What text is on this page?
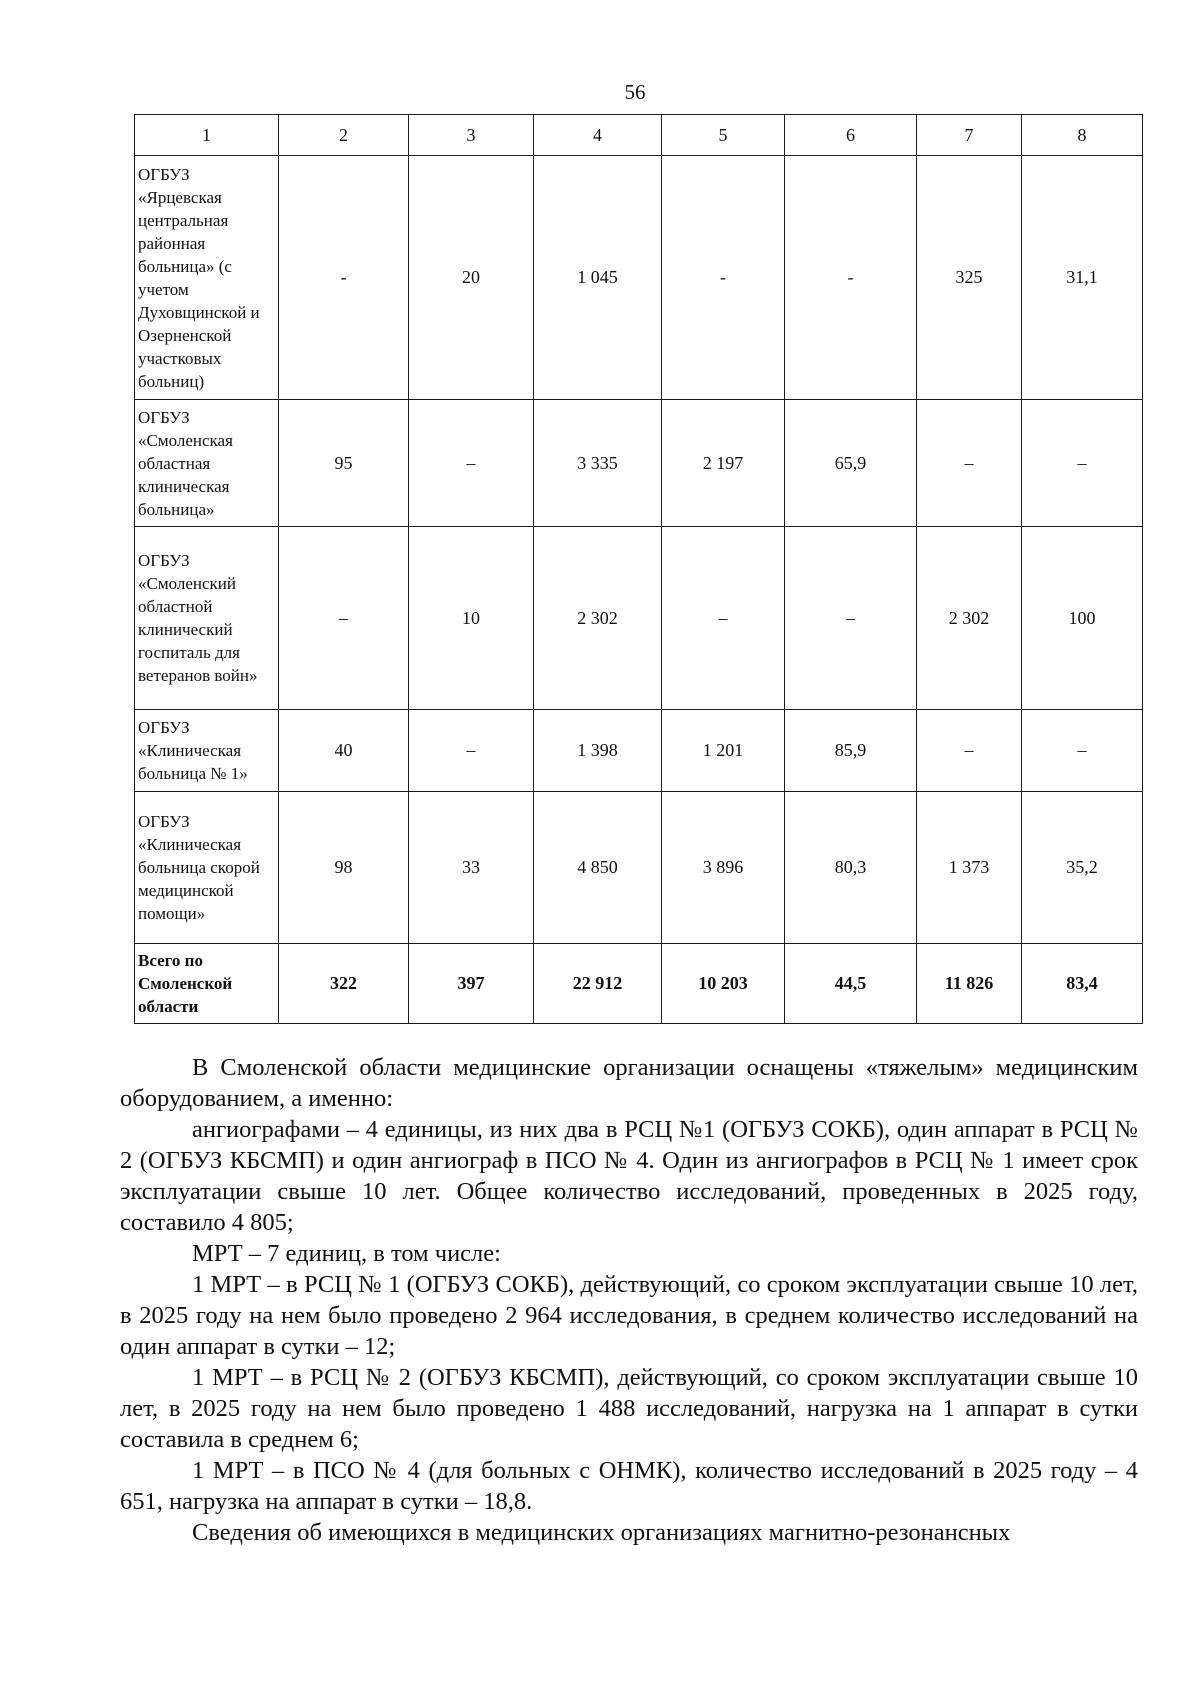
56
1	2	3	4	5	6	7	8
ОГБУЗ «Ярцевская центральная районная больница» (с учетом Духовщинской и Озерненской участковых больниц)	-	20	1 045	-	-	325	31,1
ОГБУЗ «Смоленская областная клиническая больница»	95	–	3 335	2 197	65,9	–	–
ОГБУЗ «Смоленский областной клинический госпиталь для ветеранов войн»	–	10	2 302	–	–	2 302	100
ОГБУЗ «Клиническая больница № 1»	40	–	1 398	1 201	85,9	–	–
ОГБУЗ «Клиническая больница скорой медицинской помощи»	98	33	4 850	3 896	80,3	1 373	35,2
Всего по Смоленской области	322	397	22 912	10 203	44,5	11 826	83,4

В Смоленской области медицинские организации оснащены «тяжелым» медицинским оборудованием, а именно:

ангиографами – 4 единицы, из них два в РСЦ №1 (ОГБУЗ СОКБ), один аппарат в РСЦ № 2 (ОГБУЗ КБСМП) и один ангиограф в ПСО № 4. Один из ангиографов в РСЦ № 1 имеет срок эксплуатации свыше 10 лет. Общее количество исследований, проведенных в 2025 году, составило 4 805;

МРТ – 7 единиц, в том числе:

1 МРТ – в РСЦ № 1 (ОГБУЗ СОКБ), действующий, со сроком эксплуатации свыше 10 лет, в 2025 году на нем было проведено 2 964 исследования, в среднем количество исследований на один аппарат в сутки – 12;

1 МРТ – в РСЦ № 2 (ОГБУЗ КБСМП), действующий, со сроком эксплуатации свыше 10 лет, в 2025 году на нем было проведено 1 488 исследований, нагрузка на 1 аппарат в сутки составила в среднем 6;

1 МРТ – в ПСО № 4 (для больных с ОНМК), количество исследований в 2025 году – 4 651, нагрузка на аппарат в сутки – 18,8.

Сведения об имеющихся в медицинских организациях магнитно-резонансных
